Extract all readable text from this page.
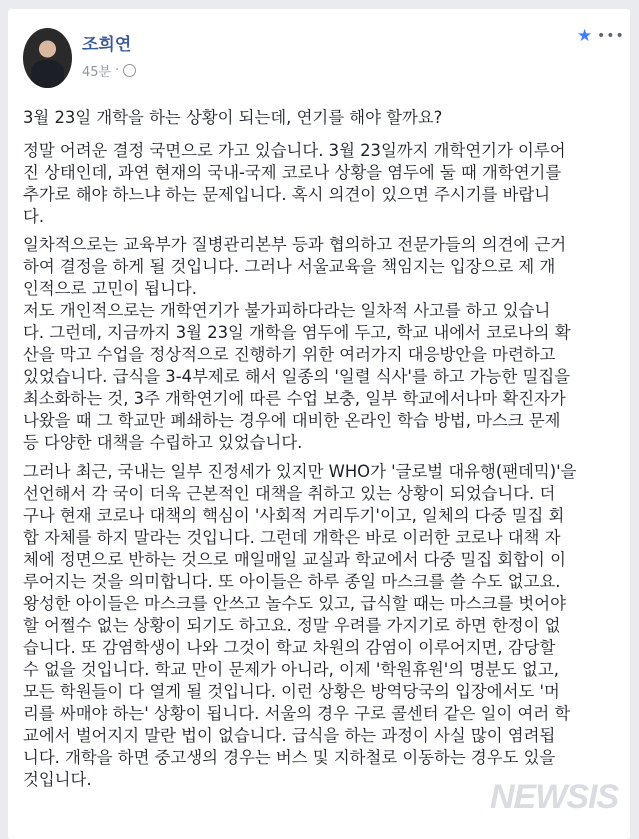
조희연
45분 ·
★ •••
3월 23일 개학을 하는 상황이 되는데, 연기를 해야 할까요?
정말 어려운 결정 국면으로 가고 있습니다. 3월 23일까지 개학연기가 이루어
진 상태인데, 과연 현재의 국내-국제 코로나 상황을 염두에 둘 때 개학연기를
추가로 해야 하느냐 하는 문제입니다. 혹시 의견이 있으면 주시기를 바랍니
다.
일차적으로는 교육부가 질병관리본부 등과 협의하고 전문가들의 의견에 근거
하여 결정을 하게 될 것입니다. 그러나 서울교육을 책임지는 입장으로 제 개
인적으로 고민이 됩니다.
저도 개인적으로는 개학연기가 불가피하다라는 일차적 사고를 하고 있습니
다. 그런데, 지금까지 3월 23일 개학을 염두에 두고, 학교 내에서 코로나의 확
산을 막고 수업을 정상적으로 진행하기 위한 여러가지 대응방안을 마련하고
있었습니다. 급식을 3-4부제로 해서 일종의 '일렬 식사'를 하고 가능한 밀집을
최소화하는 것, 3주 개학연기에 따른 수업 보충, 일부 학교에서나마 확진자가
나왔을 때 그 학교만 폐쇄하는 경우에 대비한 온라인 학습 방법, 마스크 문제
등 다양한 대책을 수립하고 있었습니다.
그러나 최근, 국내는 일부 진정세가 있지만 WHO가 '글로벌 대유행(팬데믹)'을
선언해서 각 국이 더욱 근본적인 대책을 취하고 있는 상황이 되었습니다. 더
구나 현재 코로나 대책의 핵심이 '사회적 거리두기'이고, 일체의 다중 밀집 회
합 자체를 하지 말라는 것입니다. 그런데 개학은 바로 이러한 코로나 대책 자
체에 정면으로 반하는 것으로 매일매일 교실과 학교에서 다중 밀집 회합이 이
루어지는 것을 의미합니다. 또 아이들은 하루 종일 마스크를 쓸 수도 없고요.
왕성한 아이들은 마스크를 안쓰고 놀수도 있고, 급식할 때는 마스크를 벗어야
할 어쩔수 없는 상황이 되기도 하고요. 정말 우려를 가지기로 하면 한정이 없
습니다. 또 감염학생이 나와 그것이 학교 차원의 감염이 이루어지면, 감당할
수 없을 것입니다. 학교 만이 문제가 아니라, 이제 '학원휴원'의 명분도 없고,
모든 학원들이 다 열게 될 것입니다. 이런 상황은 방역당국의 입장에서도 '머
리를 싸매야 하는' 상황이 됩니다. 서울의 경우 구로 콜센터 같은 일이 여러 학
교에서 벌어지지 말란 법이 없습니다. 급식을 하는 과정이 사실 많이 염려됩
니다. 개학을 하면 중고생의 경우는 버스 및 지하철로 이동하는 경우도 있을
것입니다.	NEWSIS
